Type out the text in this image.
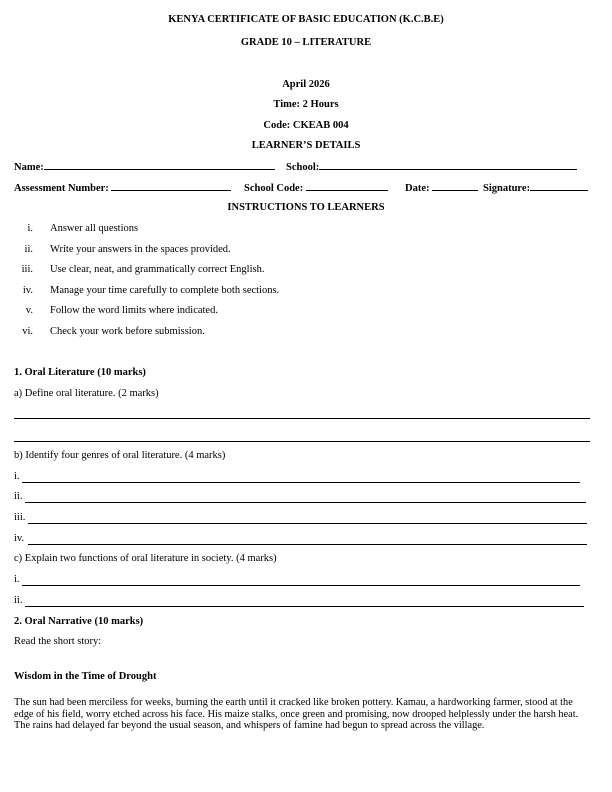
KENYA CERTIFICATE OF BASIC EDUCATION (K.C.B.E)
GRADE 10 – LITERATURE
April 2026
Time: 2 Hours
Code: CKEAB 004
LEARNER’S DETAILS
Name:	School:
Assessment Number:	School Code:	Date:	Signature:
INSTRUCTIONS TO LEARNERS
i. Answer all questions
ii. Write your answers in the spaces provided.
iii. Use clear, neat, and grammatically correct English.
iv. Manage your time carefully to complete both sections.
v. Follow the word limits where indicated.
vi. Check your work before submission.
1. Oral Literature (10 marks)
a) Define oral literature. (2 marks)
b) Identify four genres of oral literature. (4 marks)
i.
ii.
iii.
iv.
c) Explain two functions of oral literature in society. (4 marks)
i.
ii.
2. Oral Narrative (10 marks)
Read the short story:
Wisdom in the Time of Drought
The sun had been merciless for weeks, burning the earth until it cracked like broken pottery. Kamau, a hardworking farmer, stood at the edge of his field, worry etched across his face. His maize stalks, once green and promising, now drooped helplessly under the harsh heat. The rains had delayed far beyond the usual season, and whispers of famine had begun to spread across the village.
